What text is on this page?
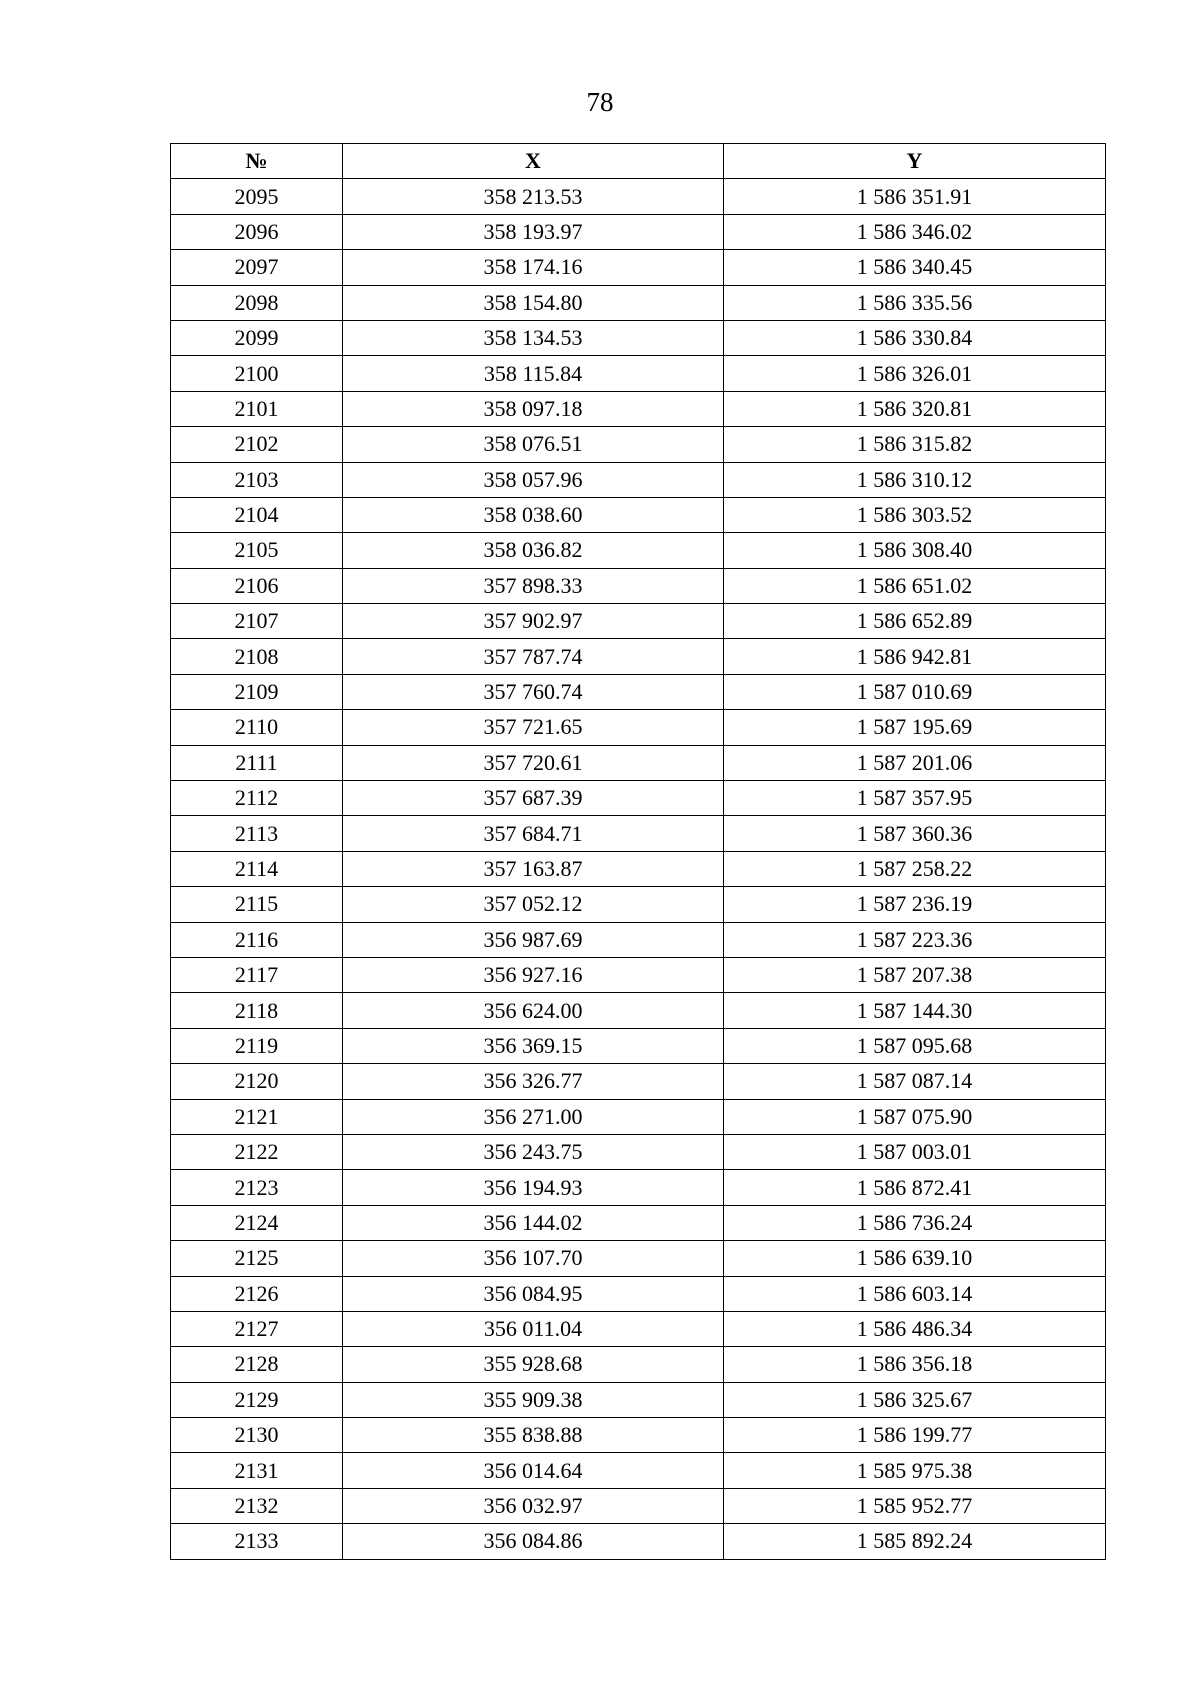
78
№	X	Y
2095	358 213.53	1 586 351.91
2096	358 193.97	1 586 346.02
2097	358 174.16	1 586 340.45
2098	358 154.80	1 586 335.56
2099	358 134.53	1 586 330.84
2100	358 115.84	1 586 326.01
2101	358 097.18	1 586 320.81
2102	358 076.51	1 586 315.82
2103	358 057.96	1 586 310.12
2104	358 038.60	1 586 303.52
2105	358 036.82	1 586 308.40
2106	357 898.33	1 586 651.02
2107	357 902.97	1 586 652.89
2108	357 787.74	1 586 942.81
2109	357 760.74	1 587 010.69
2110	357 721.65	1 587 195.69
2111	357 720.61	1 587 201.06
2112	357 687.39	1 587 357.95
2113	357 684.71	1 587 360.36
2114	357 163.87	1 587 258.22
2115	357 052.12	1 587 236.19
2116	356 987.69	1 587 223.36
2117	356 927.16	1 587 207.38
2118	356 624.00	1 587 144.30
2119	356 369.15	1 587 095.68
2120	356 326.77	1 587 087.14
2121	356 271.00	1 587 075.90
2122	356 243.75	1 587 003.01
2123	356 194.93	1 586 872.41
2124	356 144.02	1 586 736.24
2125	356 107.70	1 586 639.10
2126	356 084.95	1 586 603.14
2127	356 011.04	1 586 486.34
2128	355 928.68	1 586 356.18
2129	355 909.38	1 586 325.67
2130	355 838.88	1 586 199.77
2131	356 014.64	1 585 975.38
2132	356 032.97	1 585 952.77
2133	356 084.86	1 585 892.24
